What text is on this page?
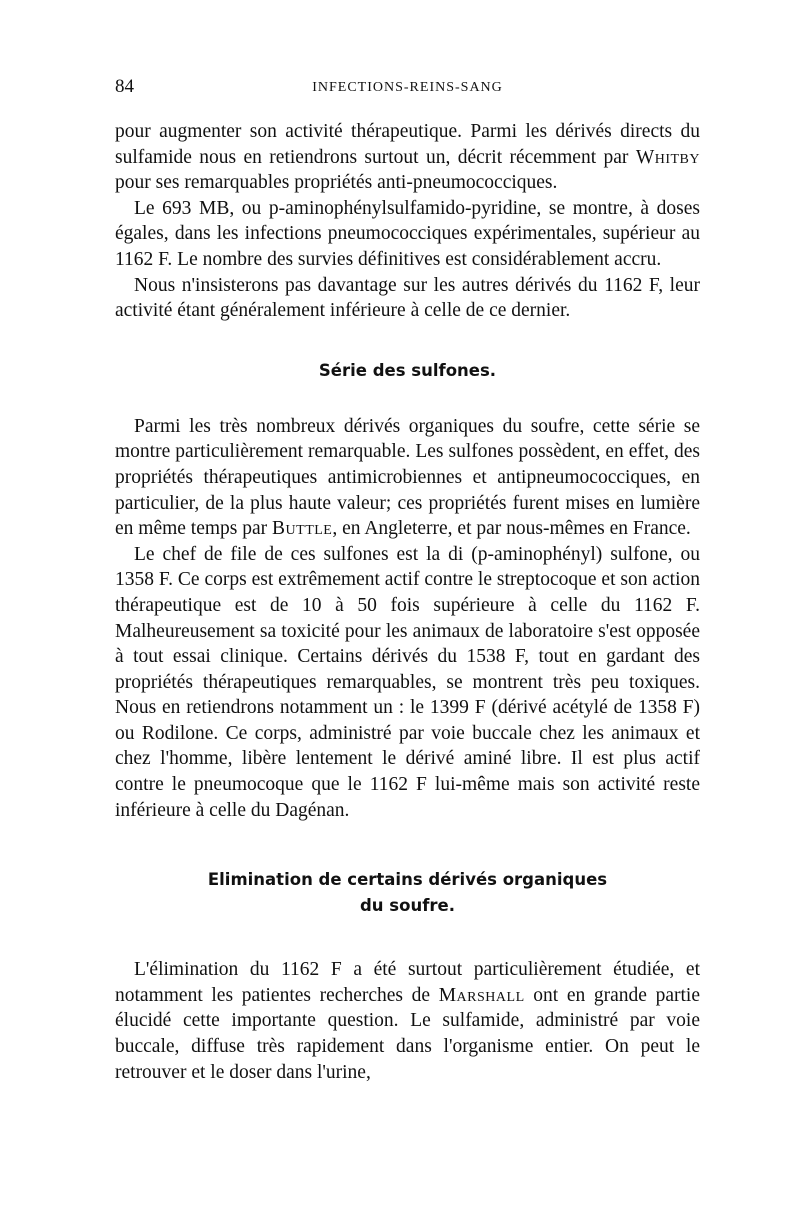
84	INFECTIONS-REINS-SANG

pour augmenter son activité thérapeutique. Parmi les dérivés directs du sulfamide nous en retiendrons surtout un, décrit récemment par Whitby pour ses remarquables propriétés anti-pneumococciques.

Le 693 MB, ou p-aminophénylsulfamido-pyridine, se montre, à doses égales, dans les infections pneumococciques expérimentales, supérieur au 1162 F. Le nombre des survies définitives est considérablement accru.

Nous n'insisterons pas davantage sur les autres dérivés du 1162 F, leur activité étant généralement inférieure à celle de ce dernier.

Série des sulfones.

Parmi les très nombreux dérivés organiques du soufre, cette série se montre particulièrement remarquable. Les sulfones possèdent, en effet, des propriétés thérapeutiques antimicrobiennes et antipneumococciques, en particulier, de la plus haute valeur; ces propriétés furent mises en lumière en même temps par Buttle, en Angleterre, et par nous-mêmes en France.

Le chef de file de ces sulfones est la di (p-aminophényl) sulfone, ou 1358 F. Ce corps est extrêmement actif contre le streptocoque et son action thérapeutique est de 10 à 50 fois supérieure à celle du 1162 F. Malheureusement sa toxicité pour les animaux de laboratoire s'est opposée à tout essai clinique. Certains dérivés du 1538 F, tout en gardant des propriétés thérapeutiques remarquables, se montrent très peu toxiques. Nous en retiendrons notamment un : le 1399 F (dérivé acétylé de 1358 F) ou Rodilone. Ce corps, administré par voie buccale chez les animaux et chez l'homme, libère lentement le dérivé aminé libre. Il est plus actif contre le pneumocoque que le 1162 F lui-même mais son activité reste inférieure à celle du Dagénan.

Elimination de certains dérivés organiques
du soufre.

L'élimination du 1162 F a été surtout particulièrement étudiée, et notamment les patientes recherches de Marshall ont en grande partie élucidé cette importante question. Le sulfamide, administré par voie buccale, diffuse très rapidement dans l'organisme entier. On peut le retrouver et le doser dans l'urine,
